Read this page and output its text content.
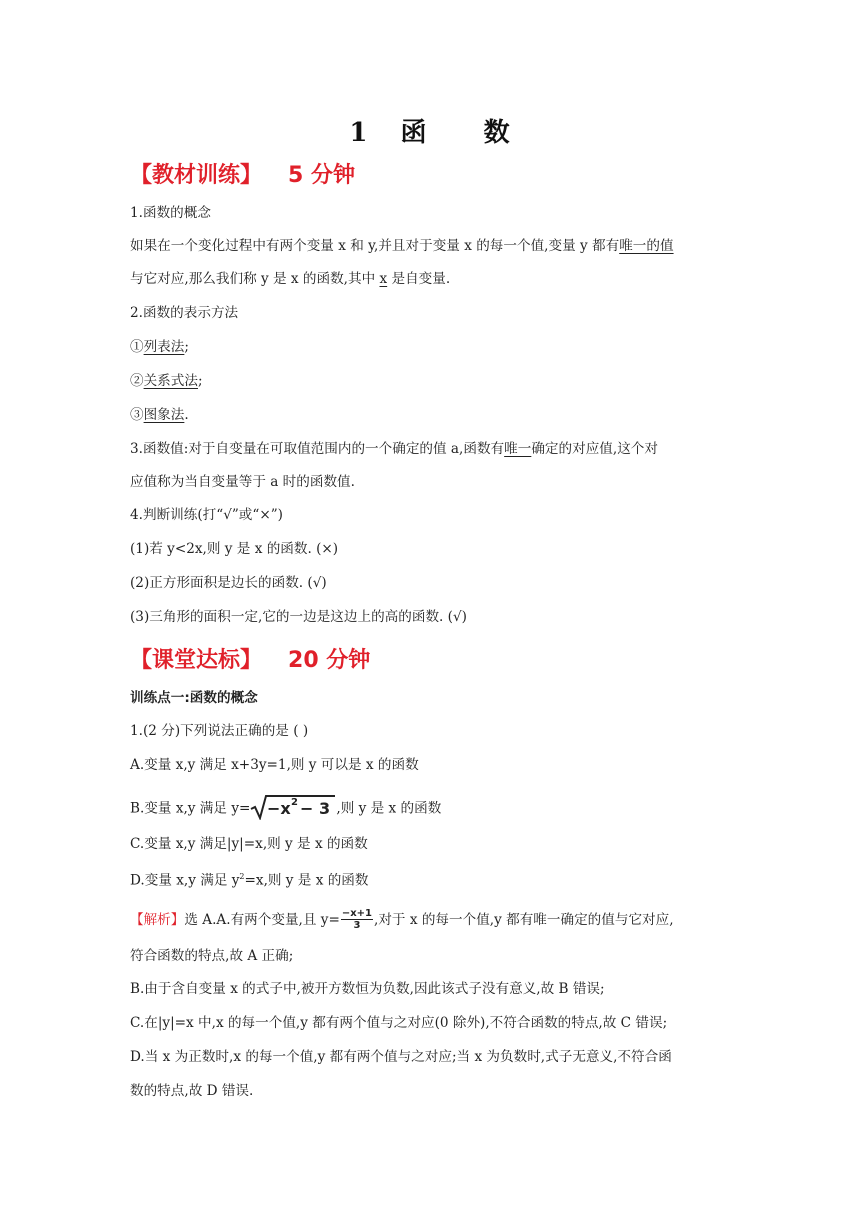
1 函 数
【教材训练】 5 分钟
1.函数的概念
如果在一个变化过程中有两个变量 x 和 y,并且对于变量 x 的每一个值,变量 y 都有唯一的值
与它对应,那么我们称 y 是 x 的函数,其中 x 是自变量.
2.函数的表示方法
①列表法;
②关系式法;
③图象法.
3.函数值:对于自变量在可取值范围内的一个确定的值 a,函数有唯一确定的对应值,这个对
应值称为当自变量等于 a 时的函数值.
4.判断训练(打“√”或“×”)
(1)若 y<2x,则 y 是 x 的函数. (×)
(2)正方形面积是边长的函数. (√)
(3)三角形的面积一定,它的一边是这边上的高的函数. (√)
【课堂达标】 20 分钟
训练点一:函数的概念
1.(2 分)下列说法正确的是 ( )
A.变量 x,y 满足 x+3y=1,则 y 可以是 x 的函数
B.变量 x,y 满足 y= −x 2 − 3 ,则 y 是 x 的函数
C.变量 x,y 满足|y|=x,则 y 是 x 的函数
D.变量 x,y 满足 $y^2=x$,则 y 是 x 的函数
【解析】选 A.A.有两个变量,且 $y= \frac{-x+1}{3}$ ,对于 x 的每一个值,y 都有唯一确定的值与它对应,
符合函数的特点,故 A 正确;
B.由于含自变量 x 的式子中,被开方数恒为负数,因此该式子没有意义,故 B 错误;
C.在|y|=x 中,x 的每一个值,y 都有两个值与之对应(0 除外),不符合函数的特点,故 C 错误;
D.当 x 为正数时,x 的每一个值,y 都有两个值与之对应;当 x 为负数时,式子无意义,不符合函
数的特点,故 D 错误.
